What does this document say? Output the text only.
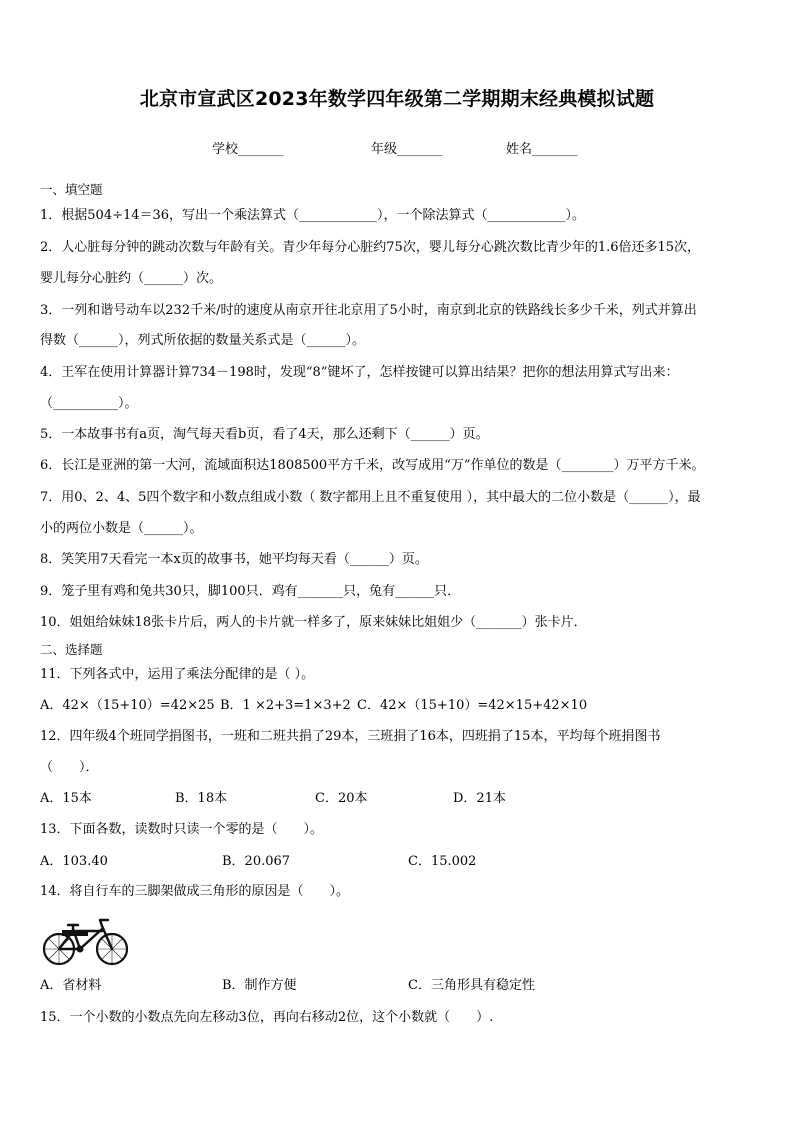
北京市宣武区2023年数学四年级第二学期期末经典模拟试题
学校_______	年级_______	姓名_______
一、填空题
1．根据504÷14＝36，写出一个乘法算式（____________），一个除法算式（____________）。
2．人心脏每分钟的跳动次数与年龄有关。青少年每分心脏约75次，婴儿每分心跳次数比青少年的1.6倍还多15次，
婴儿每分心脏约（______）次。
3．一列和谐号动车以232千米/时的速度从南京开往北京用了5小时，南京到北京的铁路线长多少千米，列式并算出
得数（______），列式所依据的数量关系式是（______）。
4．王军在使用计算器计算734－198时，发现“8”键坏了，怎样按键可以算出结果？把你的想法用算式写出来：
（__________）。
5．一本故事书有a页，淘气每天看b页，看了4天，那么还剩下（______）页。
6．长江是亚洲的第一大河，流域面积达1808500平方千米，改写成用“万”作单位的数是（________）万平方千米。
7．用0、2、4、5四个数字和小数点组成小数（ 数字都用上且不重复使用 ），其中最大的二位小数是（______），最
小的两位小数是（______）。
8．笑笑用7天看完一本x页的故事书，她平均每天看（______）页。
9．笼子里有鸡和兔共30只，脚100只．鸡有_______只，兔有______只．
10．姐姐给妹妹18张卡片后，两人的卡片就一样多了，原来妹妹比姐姐少（_______）张卡片．
二、选择题
11．下列各式中，运用了乘法分配律的是（ ）。
A．42×（15+10）=42×25 B．1 ×2+3=1×3+2 C．42×（15+10）=42×15+42×10
12．四年级4个班同学捐图书，一班和二班共捐了29本，三班捐了16本，四班捐了15本，平均每个班捐图书
（　　）．
A．15本	B．18本	C．20本	D．21本
13．下面各数，读数时只读一个零的是（　　）。
A．103.40	B．20.067	C．15.002
14．将自行车的三脚架做成三角形的原因是（　　）。
A．省材料	B．制作方便	C．三角形具有稳定性
15．一个小数的小数点先向左移动3位，再向右移动2位，这个小数就（　　）.
